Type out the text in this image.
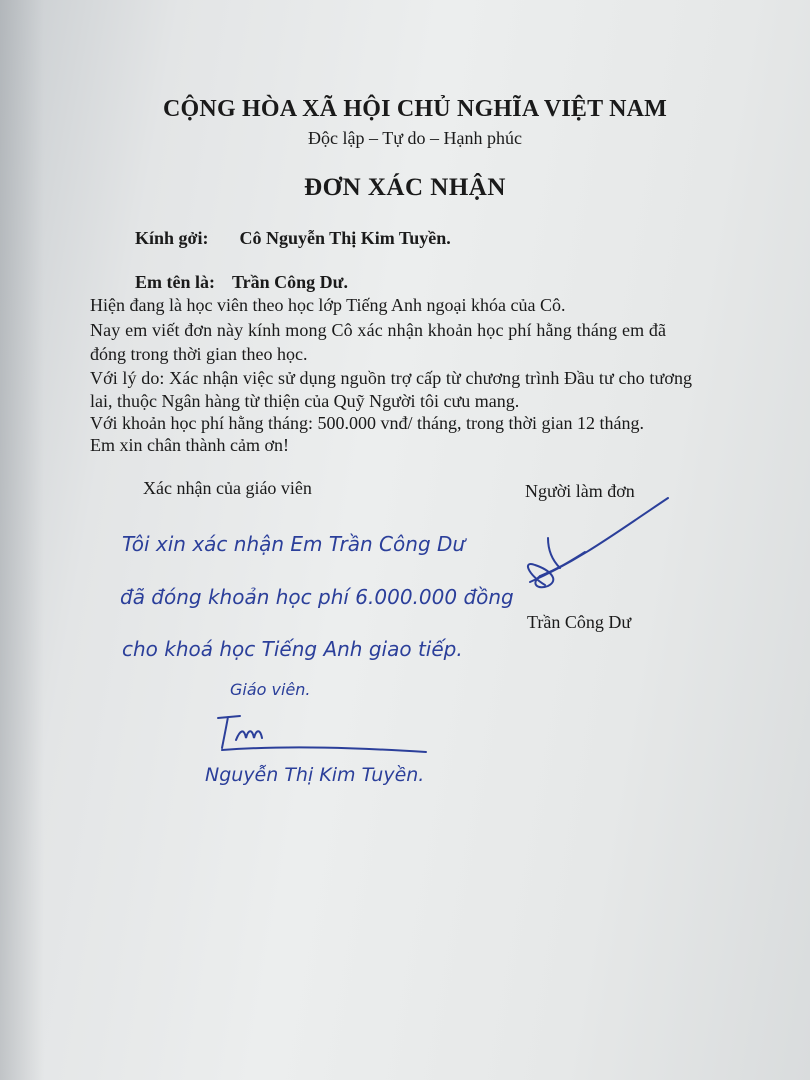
CỘNG HÒA XÃ HỘI CHỦ NGHĨA VIỆT NAM
Độc lập – Tự do – Hạnh phúc
ĐƠN XÁC NHẬN
Kính gởi: Cô Nguyễn Thị Kim Tuyền.
Em tên là: Trần Công Dư.
Hiện đang là học viên theo học lớp Tiếng Anh ngoại khóa của Cô.
Nay em viết đơn này kính mong Cô xác nhận khoản học phí hằng tháng em đã
đóng trong thời gian theo học.
Với lý do: Xác nhận việc sử dụng nguồn trợ cấp từ chương trình Đầu tư cho tương
lai, thuộc Ngân hàng từ thiện của Quỹ Người tôi cưu mang.
Với khoản học phí hằng tháng: 500.000 vnđ/ tháng, trong thời gian 12 tháng.
Em xin chân thành cảm ơn!
Xác nhận của giáo viên	Người làm đơn
Trần Công Dư
Tôi xin xác nhận Em Trần Công Dư
đã đóng khoản học phí 6.000.000 đồng
cho khoá học Tiếng Anh giao tiếp.
Giáo viên.
Nguyễn Thị Kim Tuyền.
